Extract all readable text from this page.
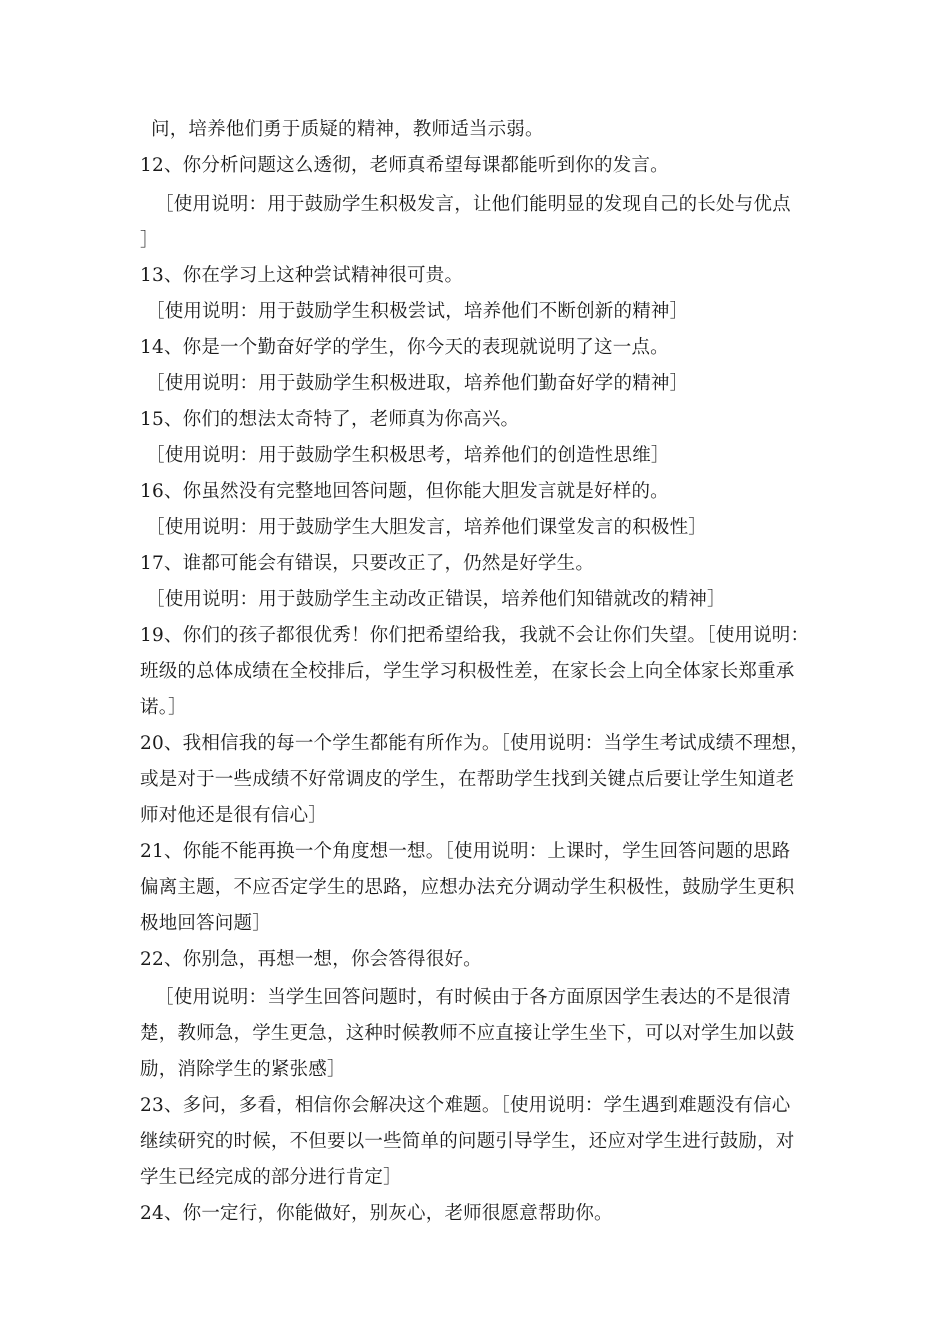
问，培养他们勇于质疑的精神，教师适当示弱。
12、你分析问题这么透彻，老师真希望每课都能听到你的发言。
［使用说明：用于鼓励学生积极发言，让他们能明显的发现自己的长处与优点
］
13、你在学习上这种尝试精神很可贵。
［使用说明：用于鼓励学生积极尝试，培养他们不断创新的精神］
14、你是一个勤奋好学的学生，你今天的表现就说明了这一点。
［使用说明：用于鼓励学生积极进取，培养他们勤奋好学的精神］
15、你们的想法太奇特了，老师真为你高兴。
［使用说明：用于鼓励学生积极思考，培养他们的创造性思维］
16、你虽然没有完整地回答问题，但你能大胆发言就是好样的。
［使用说明：用于鼓励学生大胆发言，培养他们课堂发言的积极性］
17、谁都可能会有错误，只要改正了，仍然是好学生。
［使用说明：用于鼓励学生主动改正错误，培养他们知错就改的精神］
19、你们的孩子都很优秀！你们把希望给我，我就不会让你们失望。［使用说明：
班级的总体成绩在全校排后，学生学习积极性差，在家长会上向全体家长郑重承
诺。］
20、我相信我的每一个学生都能有所作为。［使用说明：当学生考试成绩不理想，
或是对于一些成绩不好常调皮的学生，在帮助学生找到关键点后要让学生知道老
师对他还是很有信心］
21、你能不能再换一个角度想一想。［使用说明：上课时，学生回答问题的思路
偏离主题，不应否定学生的思路，应想办法充分调动学生积极性，鼓励学生更积
极地回答问题］
22、你别急，再想一想，你会答得很好。
［使用说明：当学生回答问题时，有时候由于各方面原因学生表达的不是很清
楚，教师急，学生更急，这种时候教师不应直接让学生坐下，可以对学生加以鼓
励，消除学生的紧张感］
23、多问，多看，相信你会解决这个难题。［使用说明：学生遇到难题没有信心
继续研究的时候，不但要以一些简单的问题引导学生，还应对学生进行鼓励，对
学生已经完成的部分进行肯定］
24、你一定行，你能做好，别灰心，老师很愿意帮助你。
